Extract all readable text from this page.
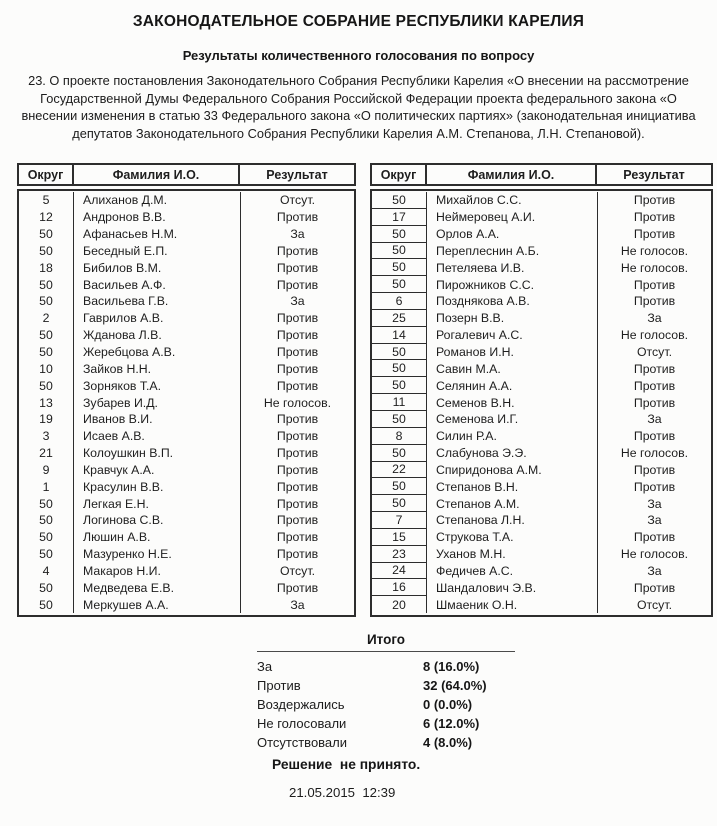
ЗАКОНОДАТЕЛЬНОЕ СОБРАНИЕ РЕСПУБЛИКИ КАРЕЛИЯ
Результаты количественного голосования по вопросу
23. О проекте постановления Законодательного Собрания Республики Карелия «О внесении на рассмотрение Государственной Думы Федерального Собрания Российской Федерации проекта федерального закона «О внесении изменения в статью 33 Федерального закона «О политических партиях» (законодательная инициатива депутатов Законодательного Собрания Республики Карелия А.М. Степанова, Л.Н. Степановой).
Округ	Фамилия И.О.	Результат
5	Алиханов Д.М.	Отсут.
12	Андронов В.В.	Против
50	Афанасьев Н.М.	За
50	Беседный Е.П.	Против
18	Бибилов В.М.	Против
50	Васильев А.Ф.	Против
50	Васильева Г.В.	За
2	Гаврилов А.В.	Против
50	Жданова Л.В.	Против
50	Жеребцова А.В.	Против
10	Зайков Н.Н.	Против
50	Зорняков Т.А.	Против
13	Зубарев И.Д.	Не голосов.
19	Иванов В.И.	Против
3	Исаев А.В.	Против
21	Колоушкин В.П.	Против
9	Кравчук А.А.	Против
1	Красулин В.В.	Против
50	Легкая Е.Н.	Против
50	Логинова С.В.	Против
50	Люшин А.В.	Против
50	Мазуренко Н.Е.	Против
4	Макаров Н.И.	Отсут.
50	Медведева Е.В.	Против
50	Меркушев А.А.	За
Округ	Фамилия И.О.	Результат
50	Михайлов С.С.	Против
17	Неймеровец А.И.	Против
50	Орлов А.А.	Против
50	Переплеснин А.Б.	Не голосов.
50	Петеляева И.В.	Не голосов.
50	Пирожников С.С.	Против
6	Позднякова А.В.	Против
25	Позерн В.В.	За
14	Рогалевич А.С.	Не голосов.
50	Романов И.Н.	Отсут.
50	Савин М.А.	Против
50	Селянин А.А.	Против
11	Семенов В.Н.	Против
50	Семенова И.Г.	За
8	Силин Р.А.	Против
50	Слабунова Э.Э.	Не голосов.
22	Спиридонова А.М.	Против
50	Степанов В.Н.	Против
50	Степанов А.М.	За
7	Степанова Л.Н.	За
15	Струкова Т.А.	Против
23	Уханов М.Н.	Не голосов.
24	Федичев А.С.	За
16	Шандалович Э.В.	Против
20	Шмаеник О.Н.	Отсут.
Итого
За	8 (16.0%)
Против	32 (64.0%)
Воздержались	0 (0.0%)
Не голосовали	6 (12.0%)
Отсутствовали	4 (8.0%)
Решение  не принято.
21.05.2015  12:39
